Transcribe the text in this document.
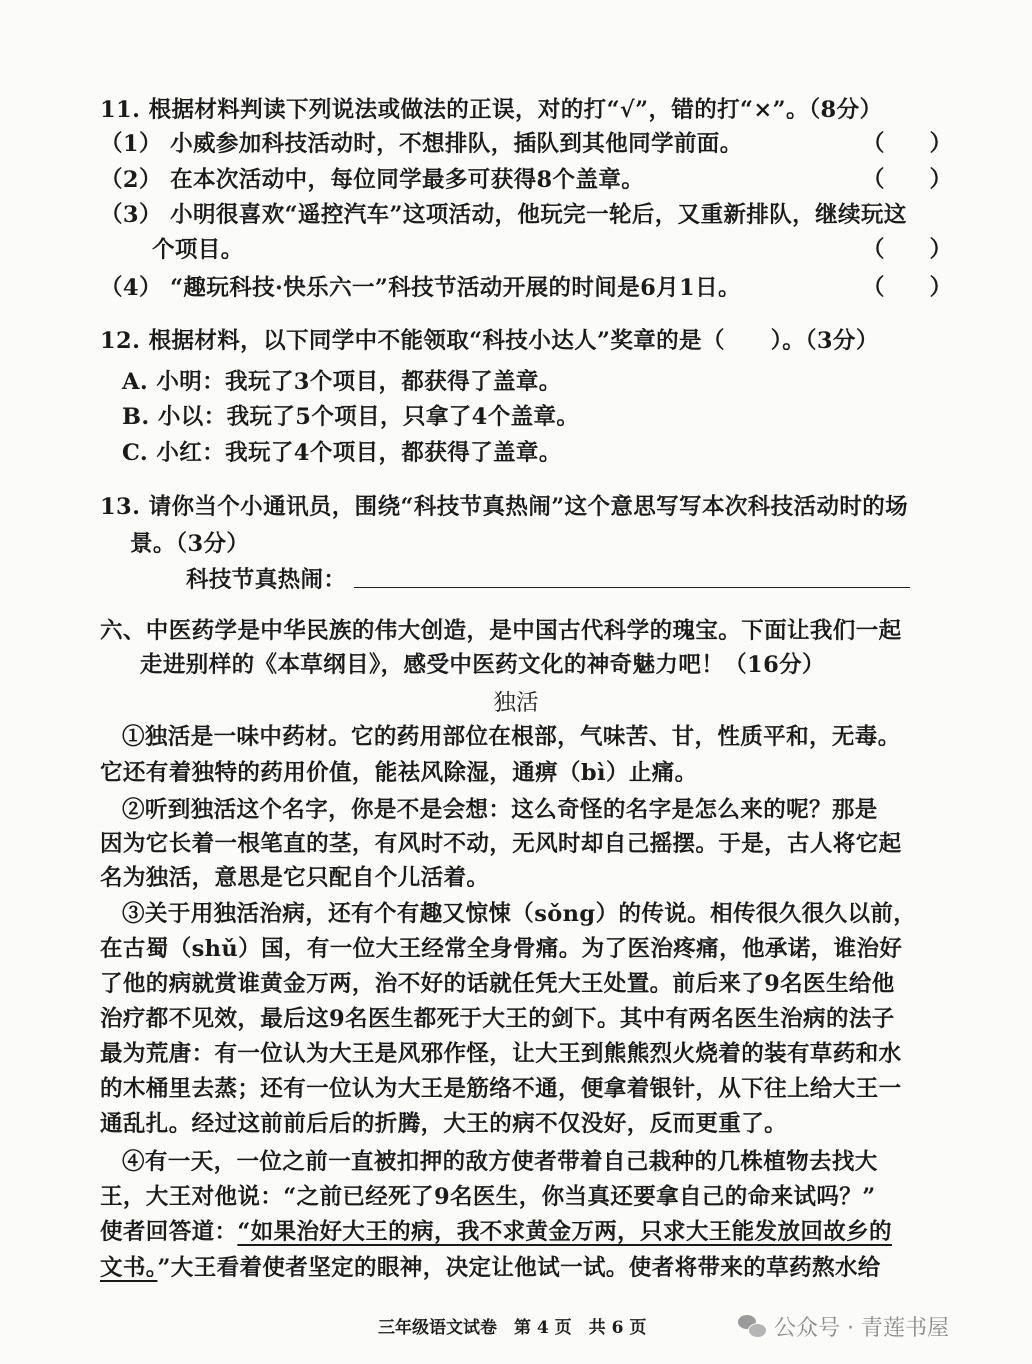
11. 根据材料判读下列说法或做法的正误，对的打“√”，错的打“×”。（8分）
（1） 小威参加科技活动时，不想排队，插队到其他同学前面。	（　　）
（2） 在本次活动中，每位同学最多可获得8个盖章。	（　　）
（3） 小明很喜欢“遥控汽车”这项活动，他玩完一轮后，又重新排队，继续玩这
个项目。	（　　）
（4） “趣玩科技·快乐六一”科技节活动开展的时间是6月1日。	（　　）
12. 根据材料，以下同学中不能领取“科技小达人”奖章的是（　　）。（3分）
A. 小明：我玩了3个项目，都获得了盖章。
B. 小以：我玩了5个项目，只拿了4个盖章。
C. 小红：我玩了4个项目，都获得了盖章。
13. 请你当个小通讯员，围绕“科技节真热闹”这个意思写写本次科技活动时的场
景。（3分）
科技节真热闹：
六、中医药学是中华民族的伟大创造，是中国古代科学的瑰宝。下面让我们一起
走进别样的《本草纲目》，感受中医药文化的神奇魅力吧！（16分）
独活
①独活是一味中药材。它的药用部位在根部，气味苦、甘，性质平和，无毒。
它还有着独特的药用价值，能祛风除湿，通痹（bì）止痛。
②听到独活这个名字，你是不是会想：这么奇怪的名字是怎么来的呢？那是
因为它长着一根笔直的茎，有风时不动，无风时却自己摇摆。于是，古人将它起
名为独活，意思是它只配自个儿活着。
③关于用独活治病，还有个有趣又惊悚（sǒng）的传说。相传很久很久以前，
在古蜀（shǔ）国，有一位大王经常全身骨痛。为了医治疼痛，他承诺，谁治好
了他的病就赏谁黄金万两，治不好的话就任凭大王处置。前后来了9名医生给他
治疗都不见效，最后这9名医生都死于大王的剑下。其中有两名医生治病的法子
最为荒唐：有一位认为大王是风邪作怪，让大王到熊熊烈火烧着的装有草药和水
的木桶里去蒸；还有一位认为大王是筋络不通，便拿着银针，从下往上给大王一
通乱扎。经过这前前后后的折腾，大王的病不仅没好，反而更重了。
④有一天，一位之前一直被扣押的敌方使者带着自己栽种的几株植物去找大
王，大王对他说：“之前已经死了9名医生，你当真还要拿自己的命来试吗？”
使者回答道：“如果治好大王的病，我不求黄金万两，只求大王能发放回故乡的
文书。”大王看着使者坚定的眼神，决定让他试一试。使者将带来的草药熬水给
三年级语文试卷　第 4 页　共 6 页	公众号 · 青莲书屋
